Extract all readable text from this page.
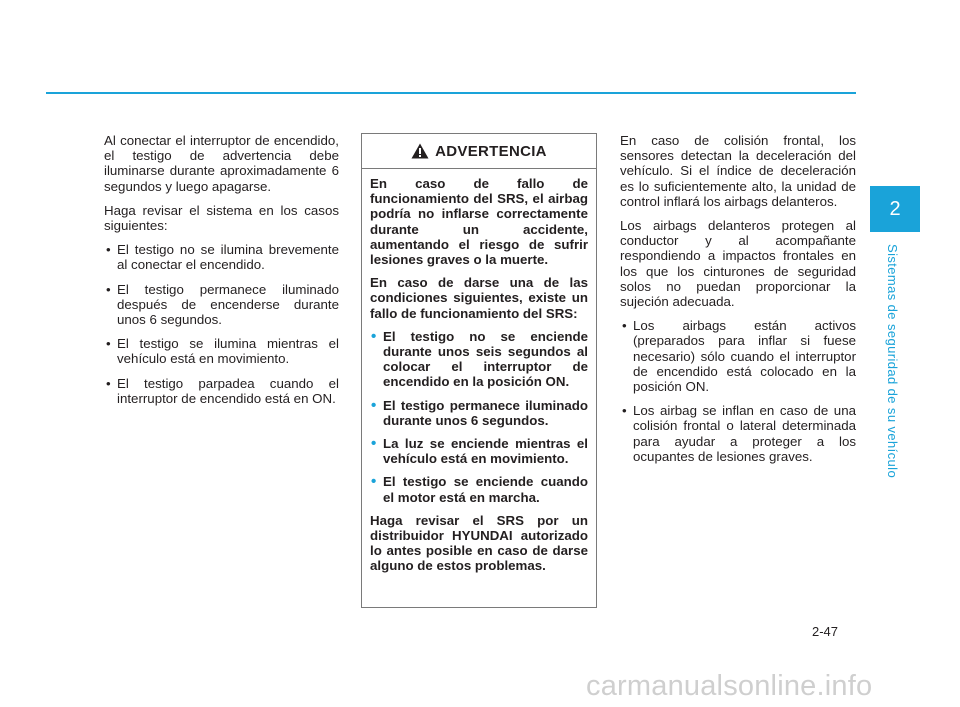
Al conectar el interruptor de encendido, el testigo de advertencia debe iluminarse durante aproximadamente 6 segundos y luego apagarse.

Haga revisar el sistema en los casos siguientes:

• El testigo no se ilumina brevemente al conectar el encendido.
• El testigo permanece iluminado después de encenderse durante unos 6 segundos.
• El testigo se ilumina mientras el vehículo está en movimiento.
• El testigo parpadea cuando el interruptor de encendido está en ON.
ADVERTENCIA

En caso de fallo de funcionamiento del SRS, el airbag podría no inflarse correctamente durante un accidente, aumentando el riesgo de sufrir lesiones graves o la muerte.

En caso de darse una de las condiciones siguientes, existe un fallo de funcionamiento del SRS:

• El testigo no se enciende durante unos seis segundos al colocar el interruptor de encendido en la posición ON.
• El testigo permanece iluminado durante unos 6 segundos.
• La luz se enciende mientras el vehículo está en movimiento.
• El testigo se enciende cuando el motor está en marcha.

Haga revisar el SRS por un distribuidor HYUNDAI autorizado lo antes posible en caso de darse alguno de estos problemas.

En caso de colisión frontal, los sensores detectan la deceleración del vehículo. Si el índice de deceleración es lo suficientemente alto, la unidad de control inflará los airbags delanteros.

Los airbags delanteros protegen al conductor y al acompañante respondiendo a impactos frontales en los que los cinturones de seguridad solos no puedan proporcionar la sujeción adecuada.

• Los airbags están activos (preparados para inflar si fuese necesario) sólo cuando el interruptor de encendido está colocado en la posición ON.
• Los airbag se inflan en caso de una colisión frontal o lateral determinada para ayudar a proteger a los ocupantes de lesiones graves.
2
Sistemas de seguridad de su vehículo
2-47
carmanualsonline.info
